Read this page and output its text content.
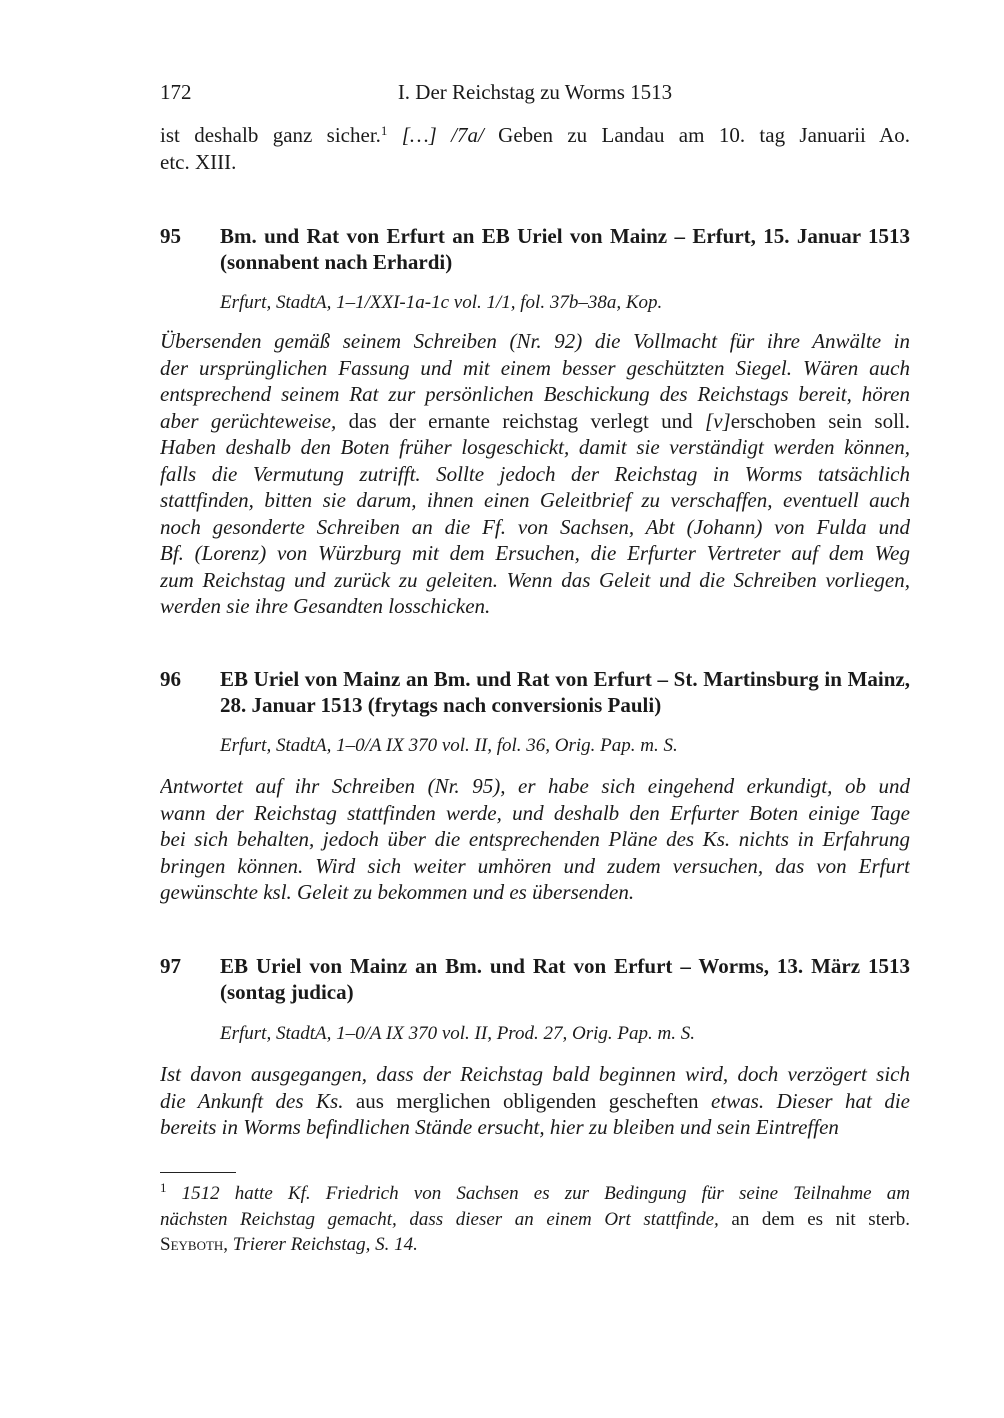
172	I. Der Reichstag zu Worms 1513
ist deshalb ganz sicher.$^1$ […] /7a/ Geben zu Landau am 10. tag Januarii Ao.
etc. XIII.
95 Bm. und Rat von Erfurt an EB Uriel von Mainz – Erfurt, 15. Januar 1513 (sonnabent nach Erhardi)
Erfurt, StadtA, 1–1/XXI-1a-1c vol. 1/1, fol. 37b–38a, Kop.
Übersenden gemäß seinem Schreiben (Nr. 92) die Vollmacht für ihre Anwälte in
der ursprünglichen Fassung und mit einem besser geschützten Siegel. Wären auch
entsprechend seinem Rat zur persönlichen Beschickung des Reichstags bereit, hören
aber gerüchteweise, das der ernante reichstag verlegt und [v]erschoben sein soll.
Haben deshalb den Boten früher losgeschickt, damit sie verständigt werden können,
falls die Vermutung zutrifft. Sollte jedoch der Reichstag in Worms tatsächlich
stattfinden, bitten sie darum, ihnen einen Geleitbrief zu verschaffen, eventuell auch
noch gesonderte Schreiben an die Ff. von Sachsen, Abt (Johann) von Fulda und
Bf. (Lorenz) von Würzburg mit dem Ersuchen, die Erfurter Vertreter auf dem Weg
zum Reichstag und zurück zu geleiten. Wenn das Geleit und die Schreiben vorliegen,
werden sie ihre Gesandten losschicken.
96 EB Uriel von Mainz an Bm. und Rat von Erfurt – St. Martinsburg in Mainz, 28. Januar 1513 (frytags nach conversionis Pauli)
Erfurt, StadtA, 1–0/A IX 370 vol. II, fol. 36, Orig. Pap. m. S.
Antwortet auf ihr Schreiben (Nr. 95), er habe sich eingehend erkundigt, ob und
wann der Reichstag stattfinden werde, und deshalb den Erfurter Boten einige Tage
bei sich behalten, jedoch über die entsprechenden Pläne des Ks. nichts in Erfahrung
bringen können. Wird sich weiter umhören und zudem versuchen, das von Erfurt
gewünschte ksl. Geleit zu bekommen und es übersenden.
97 EB Uriel von Mainz an Bm. und Rat von Erfurt – Worms, 13. März 1513 (sontag judica)
Erfurt, StadtA, 1–0/A IX 370 vol. II, Prod. 27, Orig. Pap. m. S.
Ist davon ausgegangen, dass der Reichstag bald beginnen wird, doch verzögert sich
die Ankunft des Ks. aus merglichen obligenden gescheften etwas. Dieser hat die
bereits in Worms befindlichen Stände ersucht, hier zu bleiben und sein Eintreffen
$^1$ 1512 hatte Kf. Friedrich von Sachsen es zur Bedingung für seine Teilnahme am
nächsten Reichstag gemacht, dass dieser an einem Ort stattfinde, an dem es nit sterb.
Seyboth, Trierer Reichstag, S. 14.
